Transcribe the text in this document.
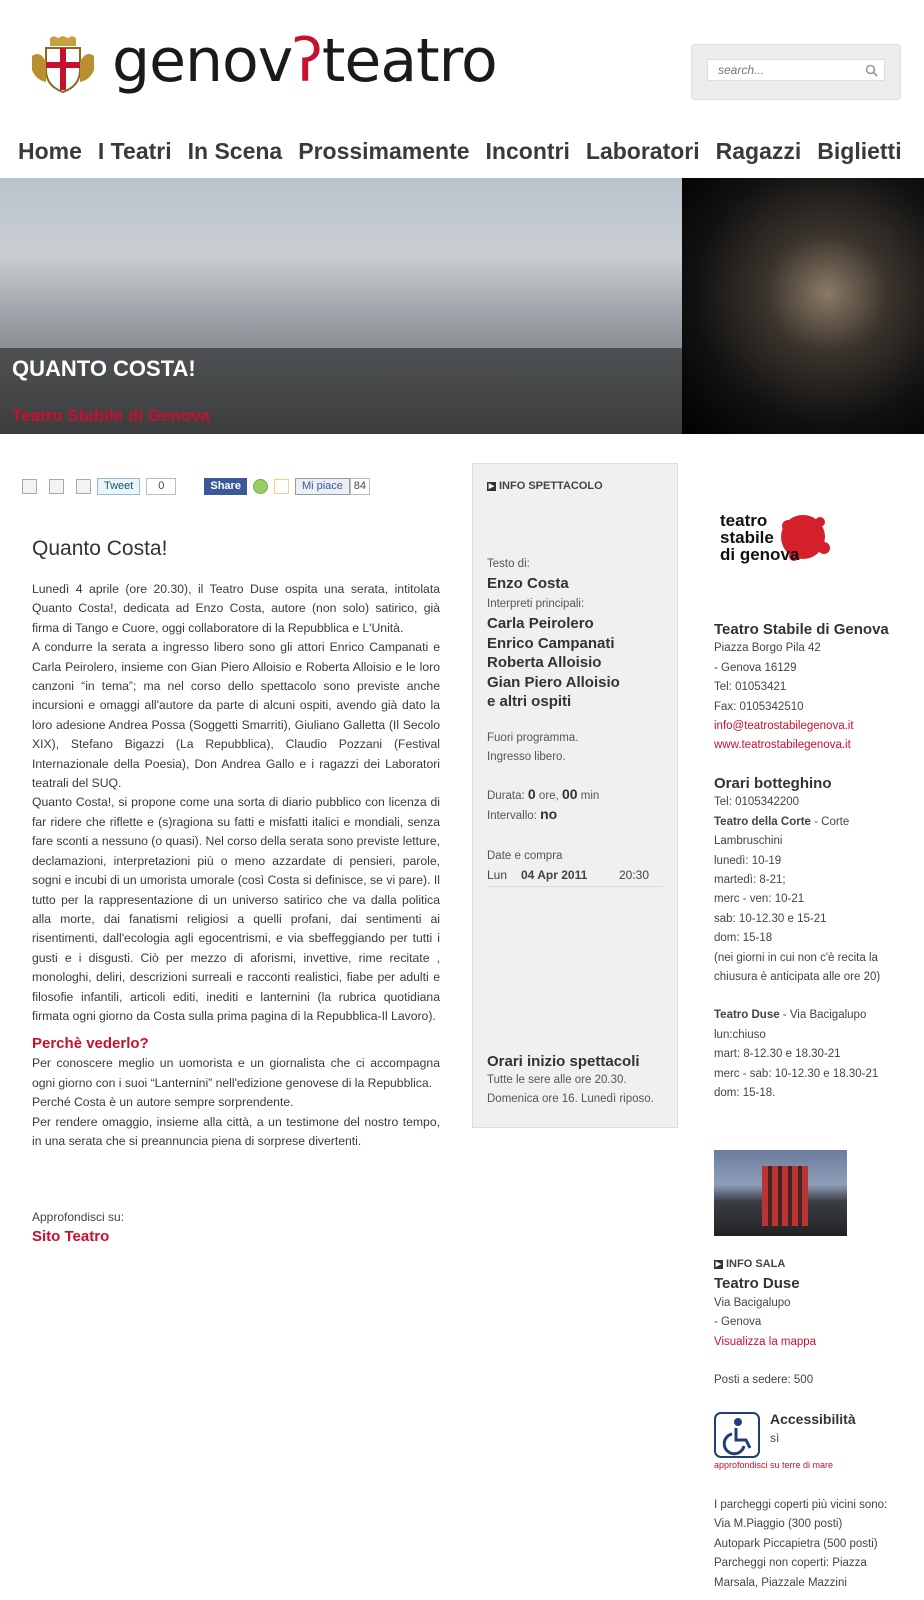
genovʔteatro
search...
Home I Teatri In Scena Prossimamente Incontri Laboratori Ragazzi Biglietti
QUANTO COSTA!
Teatro Stabile di Genova
Tweet	0	Share	Mi piace 84
Quanto Costa!

Lunedì 4 aprile (ore 20.30), il Teatro Duse ospita una serata, intitolata Quanto Costa!, dedicata ad Enzo Costa, autore (non solo) satirico, già firma di Tango e Cuore, oggi collaboratore di la Repubblica e L'Unità.

A condurre la serata a ingresso libero sono gli attori Enrico Campanati e Carla Peirolero, insieme con Gian Piero Alloisio e Roberta Alloisio e le loro canzoni “in tema”; ma nel corso dello spettacolo sono previste anche incursioni e omaggi all'autore da parte di alcuni ospiti, avendo già dato la loro adesione Andrea Possa (Soggetti Smarriti), Giuliano Galletta (Il Secolo XIX), Stefano Bigazzi (La Repubblica), Claudio Pozzani (Festival Internazionale della Poesia), Don Andrea Gallo e i ragazzi dei Laboratori teatrali del SUQ.

Quanto Costa!, si propone come una sorta di diario pubblico con licenza di far ridere che riflette e (s)ragiona su fatti e misfatti italici e mondiali, senza fare sconti a nessuno (o quasi). Nel corso della serata sono previste letture, declamazioni, interpretazioni più o meno azzardate di pensieri, parole, sogni e incubi di un umorista umorale (così Costa si definisce, se vi pare). Il tutto per la rappresentazione di un universo satirico che va dalla politica alla morte, dai fanatismi religiosi a quelli profani, dai sentimenti ai risentimenti, dall'ecologia agli egocentrismi, e via sbeffeggiando per tutti i gusti e i disgusti. Ciò per mezzo di aforismi, invettive, rime recitate , monologhi, deliri, descrizioni surreali e racconti realistici, fiabe per adulti e filosofie infantili, articoli editi, inediti e lanternini (la rubrica quotidiana firmata ogni giorno da Costa sulla prima pagina di la Repubblica-Il Lavoro).

Perchè vederlo?

Per conoscere meglio un uomorista e un giornalista che ci accompagna ogni giorno con i suoi “Lanternini” nell'edizione genovese di la Repubblica.

Perché Costa è un autore sempre sorprendente.

Per rendere omaggio, insieme alla città, a un testimone del nostro tempo, in una serata che si preannuncia piena di sorprese divertenti.

Approfondisci su:
Sito Teatro
▶ INFO SPETTACOLO
Testo di:
Enzo Costa
Interpreti principali:
Carla Peirolero
Enrico Campanati
Roberta Alloisio
Gian Piero Alloisio
e altri ospiti
Fuori programma.
Ingresso libero.
Durata: 0 ore, 00 min
Intervallo: no
Date e compra
Lun	04 Apr 2011	20:30
Orari inizio spettacoli
Tutte le sere alle ore 20.30.
Domenica ore 16. Lunedì riposo.
teatro
stabile
di genova
Teatro Stabile di Genova
Piazza Borgo Pila 42
- Genova 16129
Tel: 01053421
Fax: 0105342510
info@teatrostabilegenova.it
www.teatrostabilegenova.it
Orari botteghino
Tel: 0105342200
Teatro della Corte - Corte Lambruschini
lunedì: 10-19
martedì: 8-21;
merc - ven: 10-21
sab: 10-12.30 e 15-21
dom: 15-18
(nei giorni in cui non c'è recita la chiusura è anticipata alle ore 20)
Teatro Duse - Via Bacigalupo
lun:chiuso
mart: 8-12.30 e 18.30-21
merc - sab: 10-12.30 e 18.30-21
dom: 15-18.
▶ INFO SALA
Teatro Duse
Via Bacigalupo
- Genova
Visualizza la mappa
Posti a sedere: 500
Accessibilità
sì
approfondisci su terre di mare
I parcheggi coperti più vicini sono:
Via M.Piaggio (300 posti)
Autopark Piccapietra (500 posti)
Parcheggi non coperti: Piazza Marsala, Piazzale Mazzini
